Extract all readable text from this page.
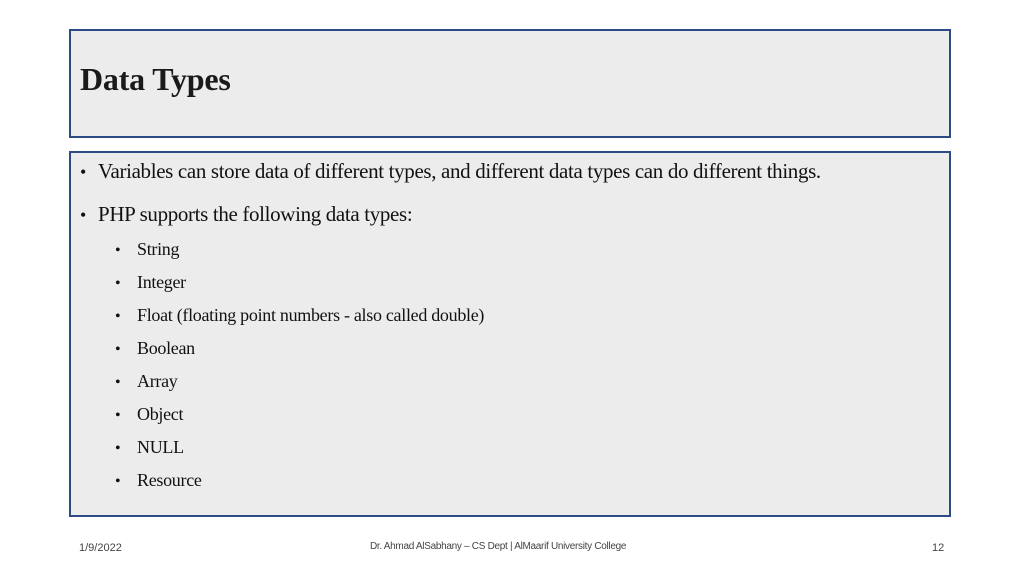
Data Types
• Variables can store data of different types, and different data types can do different things.
• PHP supports the following data types:
• String
• Integer
• Float (floating point numbers - also called double)
• Boolean
• Array
• Object
• NULL
• Resource
1/9/2022	Dr. Ahmad AlSabhany – CS Dept | AlMaarif University College	12
